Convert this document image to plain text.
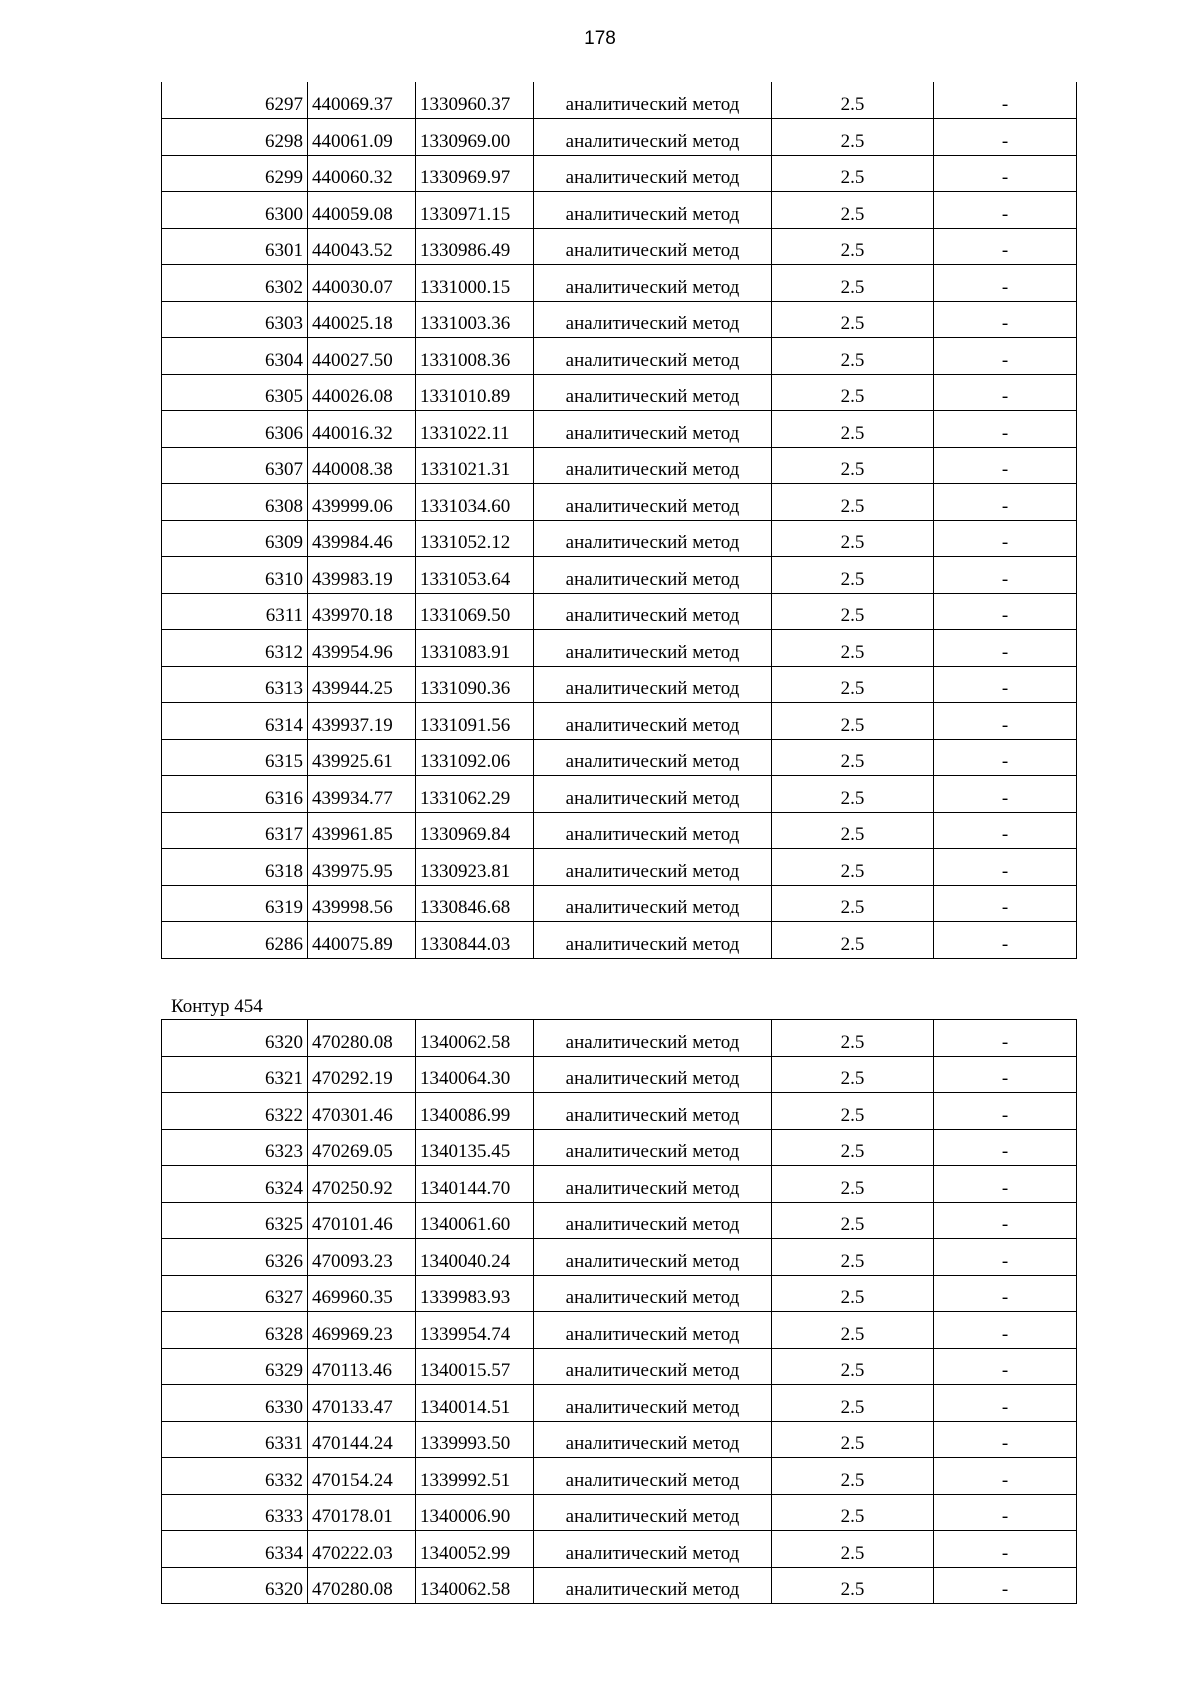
178
6297	440069.37	1330960.37	аналитический метод	2.5	-
6298	440061.09	1330969.00	аналитический метод	2.5	-
6299	440060.32	1330969.97	аналитический метод	2.5	-
6300	440059.08	1330971.15	аналитический метод	2.5	-
6301	440043.52	1330986.49	аналитический метод	2.5	-
6302	440030.07	1331000.15	аналитический метод	2.5	-
6303	440025.18	1331003.36	аналитический метод	2.5	-
6304	440027.50	1331008.36	аналитический метод	2.5	-
6305	440026.08	1331010.89	аналитический метод	2.5	-
6306	440016.32	1331022.11	аналитический метод	2.5	-
6307	440008.38	1331021.31	аналитический метод	2.5	-
6308	439999.06	1331034.60	аналитический метод	2.5	-
6309	439984.46	1331052.12	аналитический метод	2.5	-
6310	439983.19	1331053.64	аналитический метод	2.5	-
6311	439970.18	1331069.50	аналитический метод	2.5	-
6312	439954.96	1331083.91	аналитический метод	2.5	-
6313	439944.25	1331090.36	аналитический метод	2.5	-
6314	439937.19	1331091.56	аналитический метод	2.5	-
6315	439925.61	1331092.06	аналитический метод	2.5	-
6316	439934.77	1331062.29	аналитический метод	2.5	-
6317	439961.85	1330969.84	аналитический метод	2.5	-
6318	439975.95	1330923.81	аналитический метод	2.5	-
6319	439998.56	1330846.68	аналитический метод	2.5	-
6286	440075.89	1330844.03	аналитический метод	2.5	-
Контур 454
6320	470280.08	1340062.58	аналитический метод	2.5	-
6321	470292.19	1340064.30	аналитический метод	2.5	-
6322	470301.46	1340086.99	аналитический метод	2.5	-
6323	470269.05	1340135.45	аналитический метод	2.5	-
6324	470250.92	1340144.70	аналитический метод	2.5	-
6325	470101.46	1340061.60	аналитический метод	2.5	-
6326	470093.23	1340040.24	аналитический метод	2.5	-
6327	469960.35	1339983.93	аналитический метод	2.5	-
6328	469969.23	1339954.74	аналитический метод	2.5	-
6329	470113.46	1340015.57	аналитический метод	2.5	-
6330	470133.47	1340014.51	аналитический метод	2.5	-
6331	470144.24	1339993.50	аналитический метод	2.5	-
6332	470154.24	1339992.51	аналитический метод	2.5	-
6333	470178.01	1340006.90	аналитический метод	2.5	-
6334	470222.03	1340052.99	аналитический метод	2.5	-
6320	470280.08	1340062.58	аналитический метод	2.5	-
